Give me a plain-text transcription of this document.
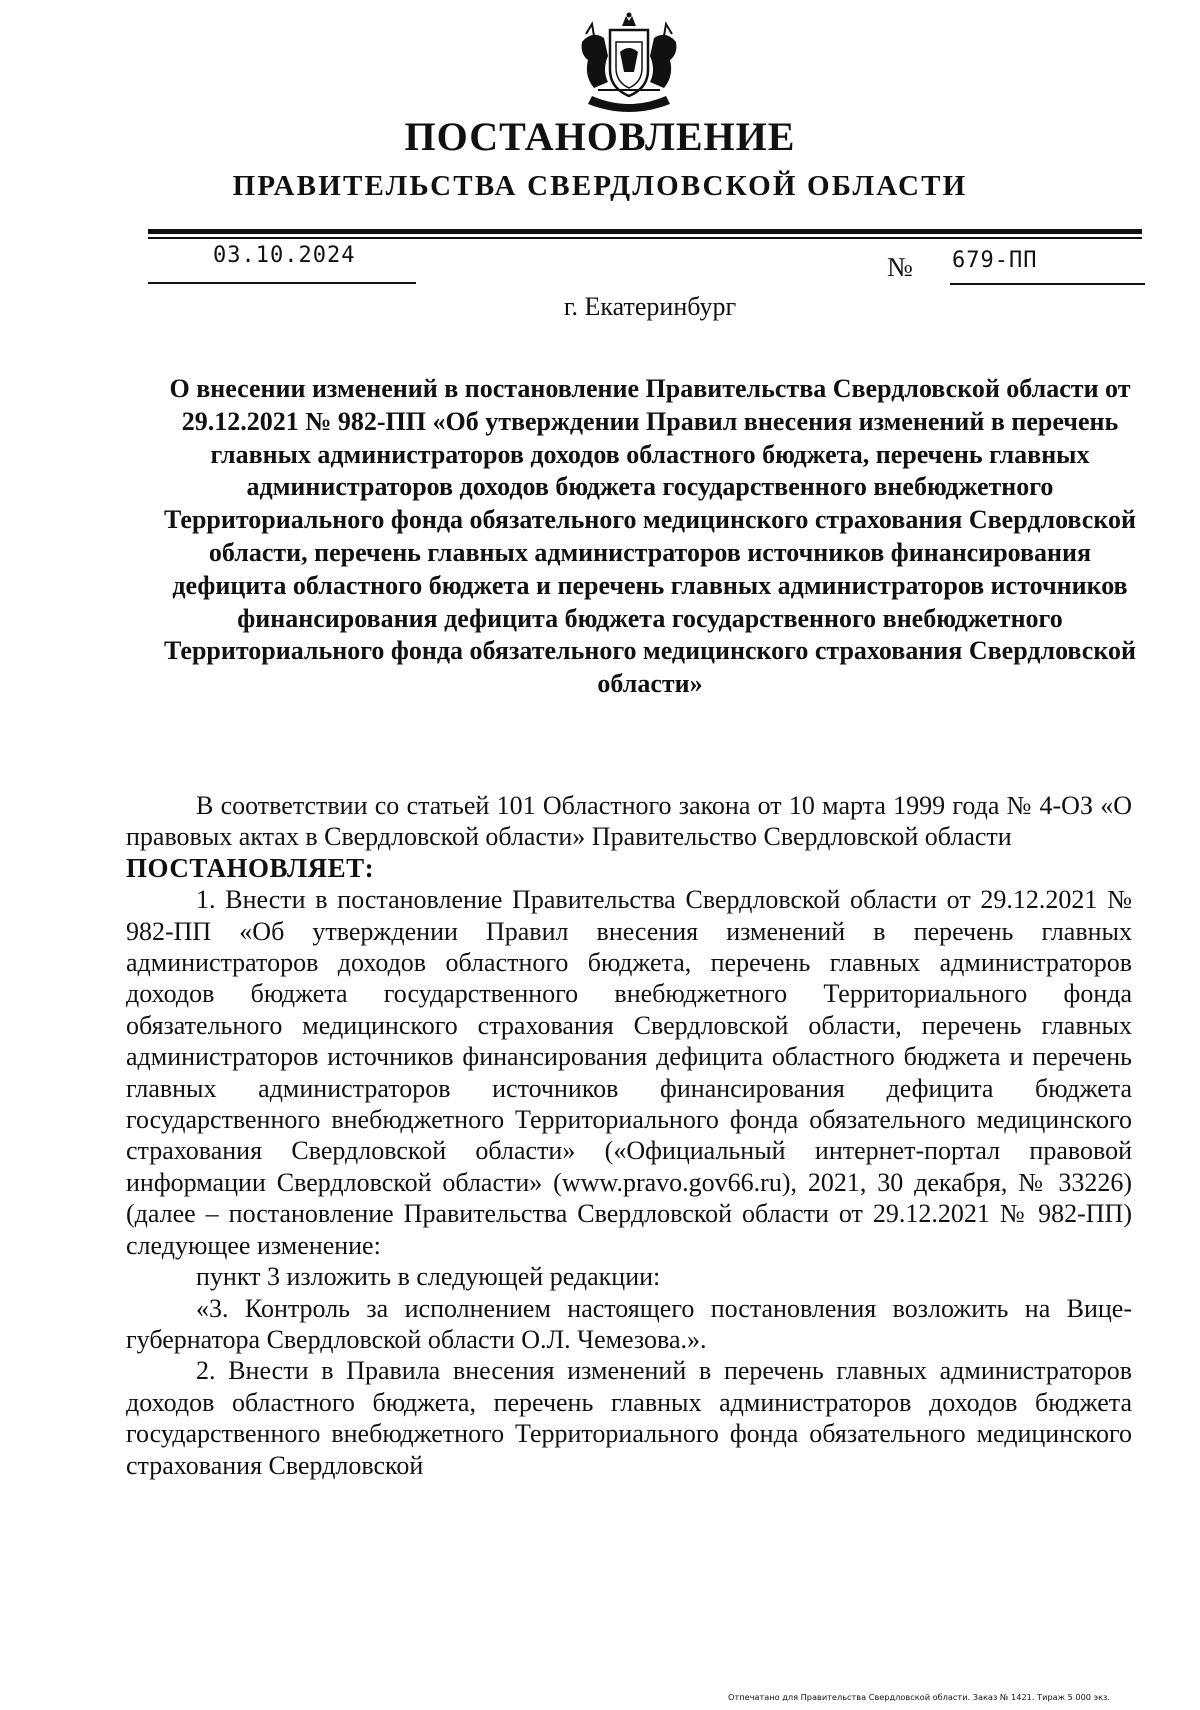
ПОСТАНОВЛЕНИЕ
ПРАВИТЕЛЬСТВА СВЕРДЛОВСКОЙ ОБЛАСТИ
03.10.2024	№ 679-ПП
г. Екатеринбург
О внесении изменений в постановление Правительства Свердловской области от 29.12.2021 № 982-ПП «Об утверждении Правил внесения изменений в перечень главных администраторов доходов областного бюджета, перечень главных администраторов доходов бюджета государственного внебюджетного Территориального фонда обязательного медицинского страхования Свердловской области, перечень главных администраторов источников финансирования дефицита областного бюджета и перечень главных администраторов источников финансирования дефицита бюджета государственного внебюджетного Территориального фонда обязательного медицинского страхования Свердловской области»

В соответствии со статьей 101 Областного закона от 10 марта 1999 года № 4-ОЗ «О правовых актах в Свердловской области» Правительство Свердловской области

ПОСТАНОВЛЯЕТ:

1. Внести в постановление Правительства Свердловской области от 29.12.2021 № 982-ПП «Об утверждении Правил внесения изменений в перечень главных администраторов доходов областного бюджета, перечень главных администраторов доходов бюджета государственного внебюджетного Территориального фонда обязательного медицинского страхования Свердловской области, перечень главных администраторов источников финансирования дефицита областного бюджета и перечень главных администраторов источников финансирования дефицита бюджета государственного внебюджетного Территориального фонда обязательного медицинского страхования Свердловской области» («Официальный интернет-портал правовой информации Свердловской области» (www.pravo.gov66.ru), 2021, 30 декабря, № 33226) (далее – постановление Правительства Свердловской области от 29.12.2021 № 982-ПП) следующее изменение:

пункт 3 изложить в следующей редакции:

«3. Контроль за исполнением настоящего постановления возложить на Вице-губернатора Свердловской области О.Л. Чемезова.».

2. Внести в Правила внесения изменений в перечень главных администраторов доходов областного бюджета, перечень главных администраторов доходов бюджета государственного внебюджетного Территориального фонда обязательного медицинского страхования Свердловской

Отпечатано для Правительства Свердловской области. Заказ № 1421. Тираж 5 000 экз.
